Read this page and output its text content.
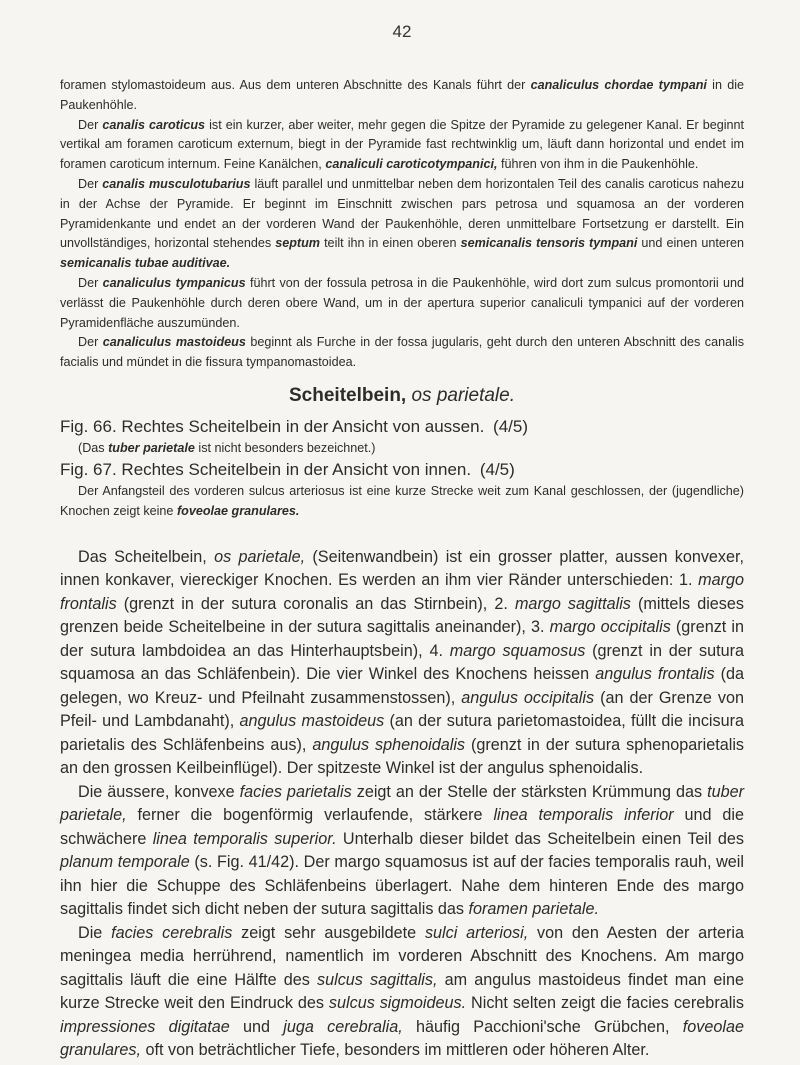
42

foramen stylomastoideum aus. Aus dem unteren Abschnitte des Kanals führt der canaliculus chordae tympani in die Paukenhöhle.

Der canalis caroticus ist ein kurzer, aber weiter, mehr gegen die Spitze der Pyramide zu gelegener Kanal. Er beginnt vertikal am foramen caroticum externum, biegt in der Pyramide fast rechtwinklig um, läuft dann horizontal und endet im foramen caroticum internum. Feine Kanälchen, canaliculi caroticotympanici, führen von ihm in die Paukenhöhle.

Der canalis musculotubarius läuft parallel und unmittelbar neben dem horizontalen Teil des canalis caroticus nahezu in der Achse der Pyramide. Er beginnt im Einschnitt zwischen pars petrosa und squamosa an der vorderen Pyramidenkante und endet an der vorderen Wand der Paukenhöhle, deren unmittelbare Fortsetzung er darstellt. Ein unvollständiges, horizontal stehendes septum teilt ihn in einen oberen semicanalis tensoris tympani und einen unteren semicanalis tubae auditivae.

Der canaliculus tympanicus führt von der fossula petrosa in die Paukenhöhle, wird dort zum sulcus promontorii und verlässt die Paukenhöhle durch deren obere Wand, um in der apertura superior canaliculi tympanici auf der vorderen Pyramidenfläche auszumünden.

Der canaliculus mastoideus beginnt als Furche in der fossa jugularis, geht durch den unteren Abschnitt des canalis facialis und mündet in die fissura tympanomastoidea.

Scheitelbein, os parietale.

Fig. 66. Rechtes Scheitelbein in der Ansicht von aussen. (4/5)

(Das tuber parietale ist nicht besonders bezeichnet.)

Fig. 67. Rechtes Scheitelbein in der Ansicht von innen. (4/5)

Der Anfangsteil des vorderen sulcus arteriosus ist eine kurze Strecke weit zum Kanal geschlossen, der (jugendliche) Knochen zeigt keine foveolae granulares.

Das Scheitelbein, os parietale, (Seitenwandbein) ist ein grosser platter, aussen konvexer, innen konkaver, viereckiger Knochen. Es werden an ihm vier Ränder unterschieden: 1. margo frontalis (grenzt in der sutura coronalis an das Stirnbein), 2. margo sagittalis (mittels dieses grenzen beide Scheitelbeine in der sutura sagittalis aneinander), 3. margo occipitalis (grenzt in der sutura lambdoidea an das Hinterhauptsbein), 4. margo squamosus (grenzt in der sutura squamosa an das Schläfenbein). Die vier Winkel des Knochens heissen angulus frontalis (da gelegen, wo Kreuz- und Pfeilnaht zusammenstossen), angulus occipitalis (an der Grenze von Pfeil- und Lambdanaht), angulus mastoideus (an der sutura parietomastoidea, füllt die incisura parietalis des Schläfenbeins aus), angulus sphenoidalis (grenzt in der sutura sphenoparietalis an den grossen Keilbeinflügel). Der spitzeste Winkel ist der angulus sphenoidalis.

Die äussere, konvexe facies parietalis zeigt an der Stelle der stärksten Krümmung das tuber parietale, ferner die bogenförmig verlaufende, stärkere linea temporalis inferior und die schwächere linea temporalis superior. Unterhalb dieser bildet das Scheitelbein einen Teil des planum temporale (s. Fig. 41/42). Der margo squamosus ist auf der facies temporalis rauh, weil ihn hier die Schuppe des Schläfenbeins überlagert. Nahe dem hinteren Ende des margo sagittalis findet sich dicht neben der sutura sagittalis das foramen parietale.

Die facies cerebralis zeigt sehr ausgebildete sulci arteriosi, von den Aesten der arteria meningea media herrührend, namentlich im vorderen Abschnitt des Knochens. Am margo sagittalis läuft die eine Hälfte des sulcus sagittalis, am angulus mastoideus findet man eine kurze Strecke weit den Eindruck des sulcus sigmoideus. Nicht selten zeigt die facies cerebralis impressiones digitatae und juga cerebralia, häufig Pacchioni'sche Grübchen, foveolae granulares, oft von beträchtlicher Tiefe, besonders im mittleren oder höheren Alter.
